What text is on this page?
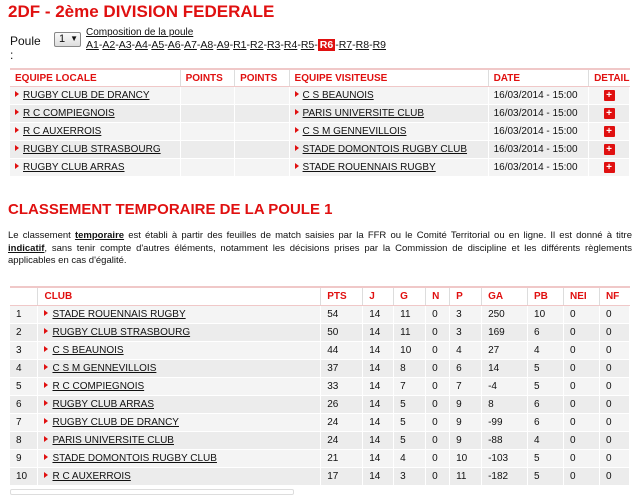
2DF - 2ème DIVISION FEDERALE
Poule :
1 ▼
Composition de la poule
A1-A2-A3-A4-A5-A6-A7-A8-A9-R1-R2-R3-R4-R5- R6 -R7-R8-R9
EQUIPE LOCALE	POINTS	POINTS	EQUIPE VISITEUSE	DATE	DETAIL
RUGBY CLUB DE DRANCY			C S BEAUNOIS	16/03/2014 - 15:00	+
R C COMPIEGNOIS			PARIS UNIVERSITE CLUB	16/03/2014 - 15:00	+
R C AUXERROIS			C S M GENNEVILLOIS	16/03/2014 - 15:00	+
RUGBY CLUB STRASBOURG			STADE DOMONTOIS RUGBY CLUB	16/03/2014 - 15:00	+
RUGBY CLUB ARRAS			STADE ROUENNAIS RUGBY	16/03/2014 - 15:00	+
CLASSEMENT TEMPORAIRE DE LA POULE 1
Le classement temporaire est établi à partir des feuilles de match saisies par la FFR ou le Comité Territorial ou en ligne. Il est donné à titre indicatif, sans tenir compte d'autres éléments, notamment les décisions prises par la Commission de discipline et les différents règlements applicables en cas d'égalité.
	CLUB	PTS	J	G	N	P	GA	PB	NEI	NF
1	STADE ROUENNAIS RUGBY	54	14	11	0	3	250	10	0	0
2	RUGBY CLUB STRASBOURG	50	14	11	0	3	169	6	0	0
3	C S BEAUNOIS	44	14	10	0	4	27	4	0	0
4	C S M GENNEVILLOIS	37	14	8	0	6	14	5	0	0
5	R C COMPIEGNOIS	33	14	7	0	7	-4	5	0	0
6	RUGBY CLUB ARRAS	26	14	5	0	9	8	6	0	0
7	RUGBY CLUB DE DRANCY	24	14	5	0	9	-99	6	0	0
8	PARIS UNIVERSITE CLUB	24	14	5	0	9	-88	4	0	0
9	STADE DOMONTOIS RUGBY CLUB	21	14	4	0	10	-103	5	0	0
10	R C AUXERROIS	17	14	3	0	11	-182	5	0	0
